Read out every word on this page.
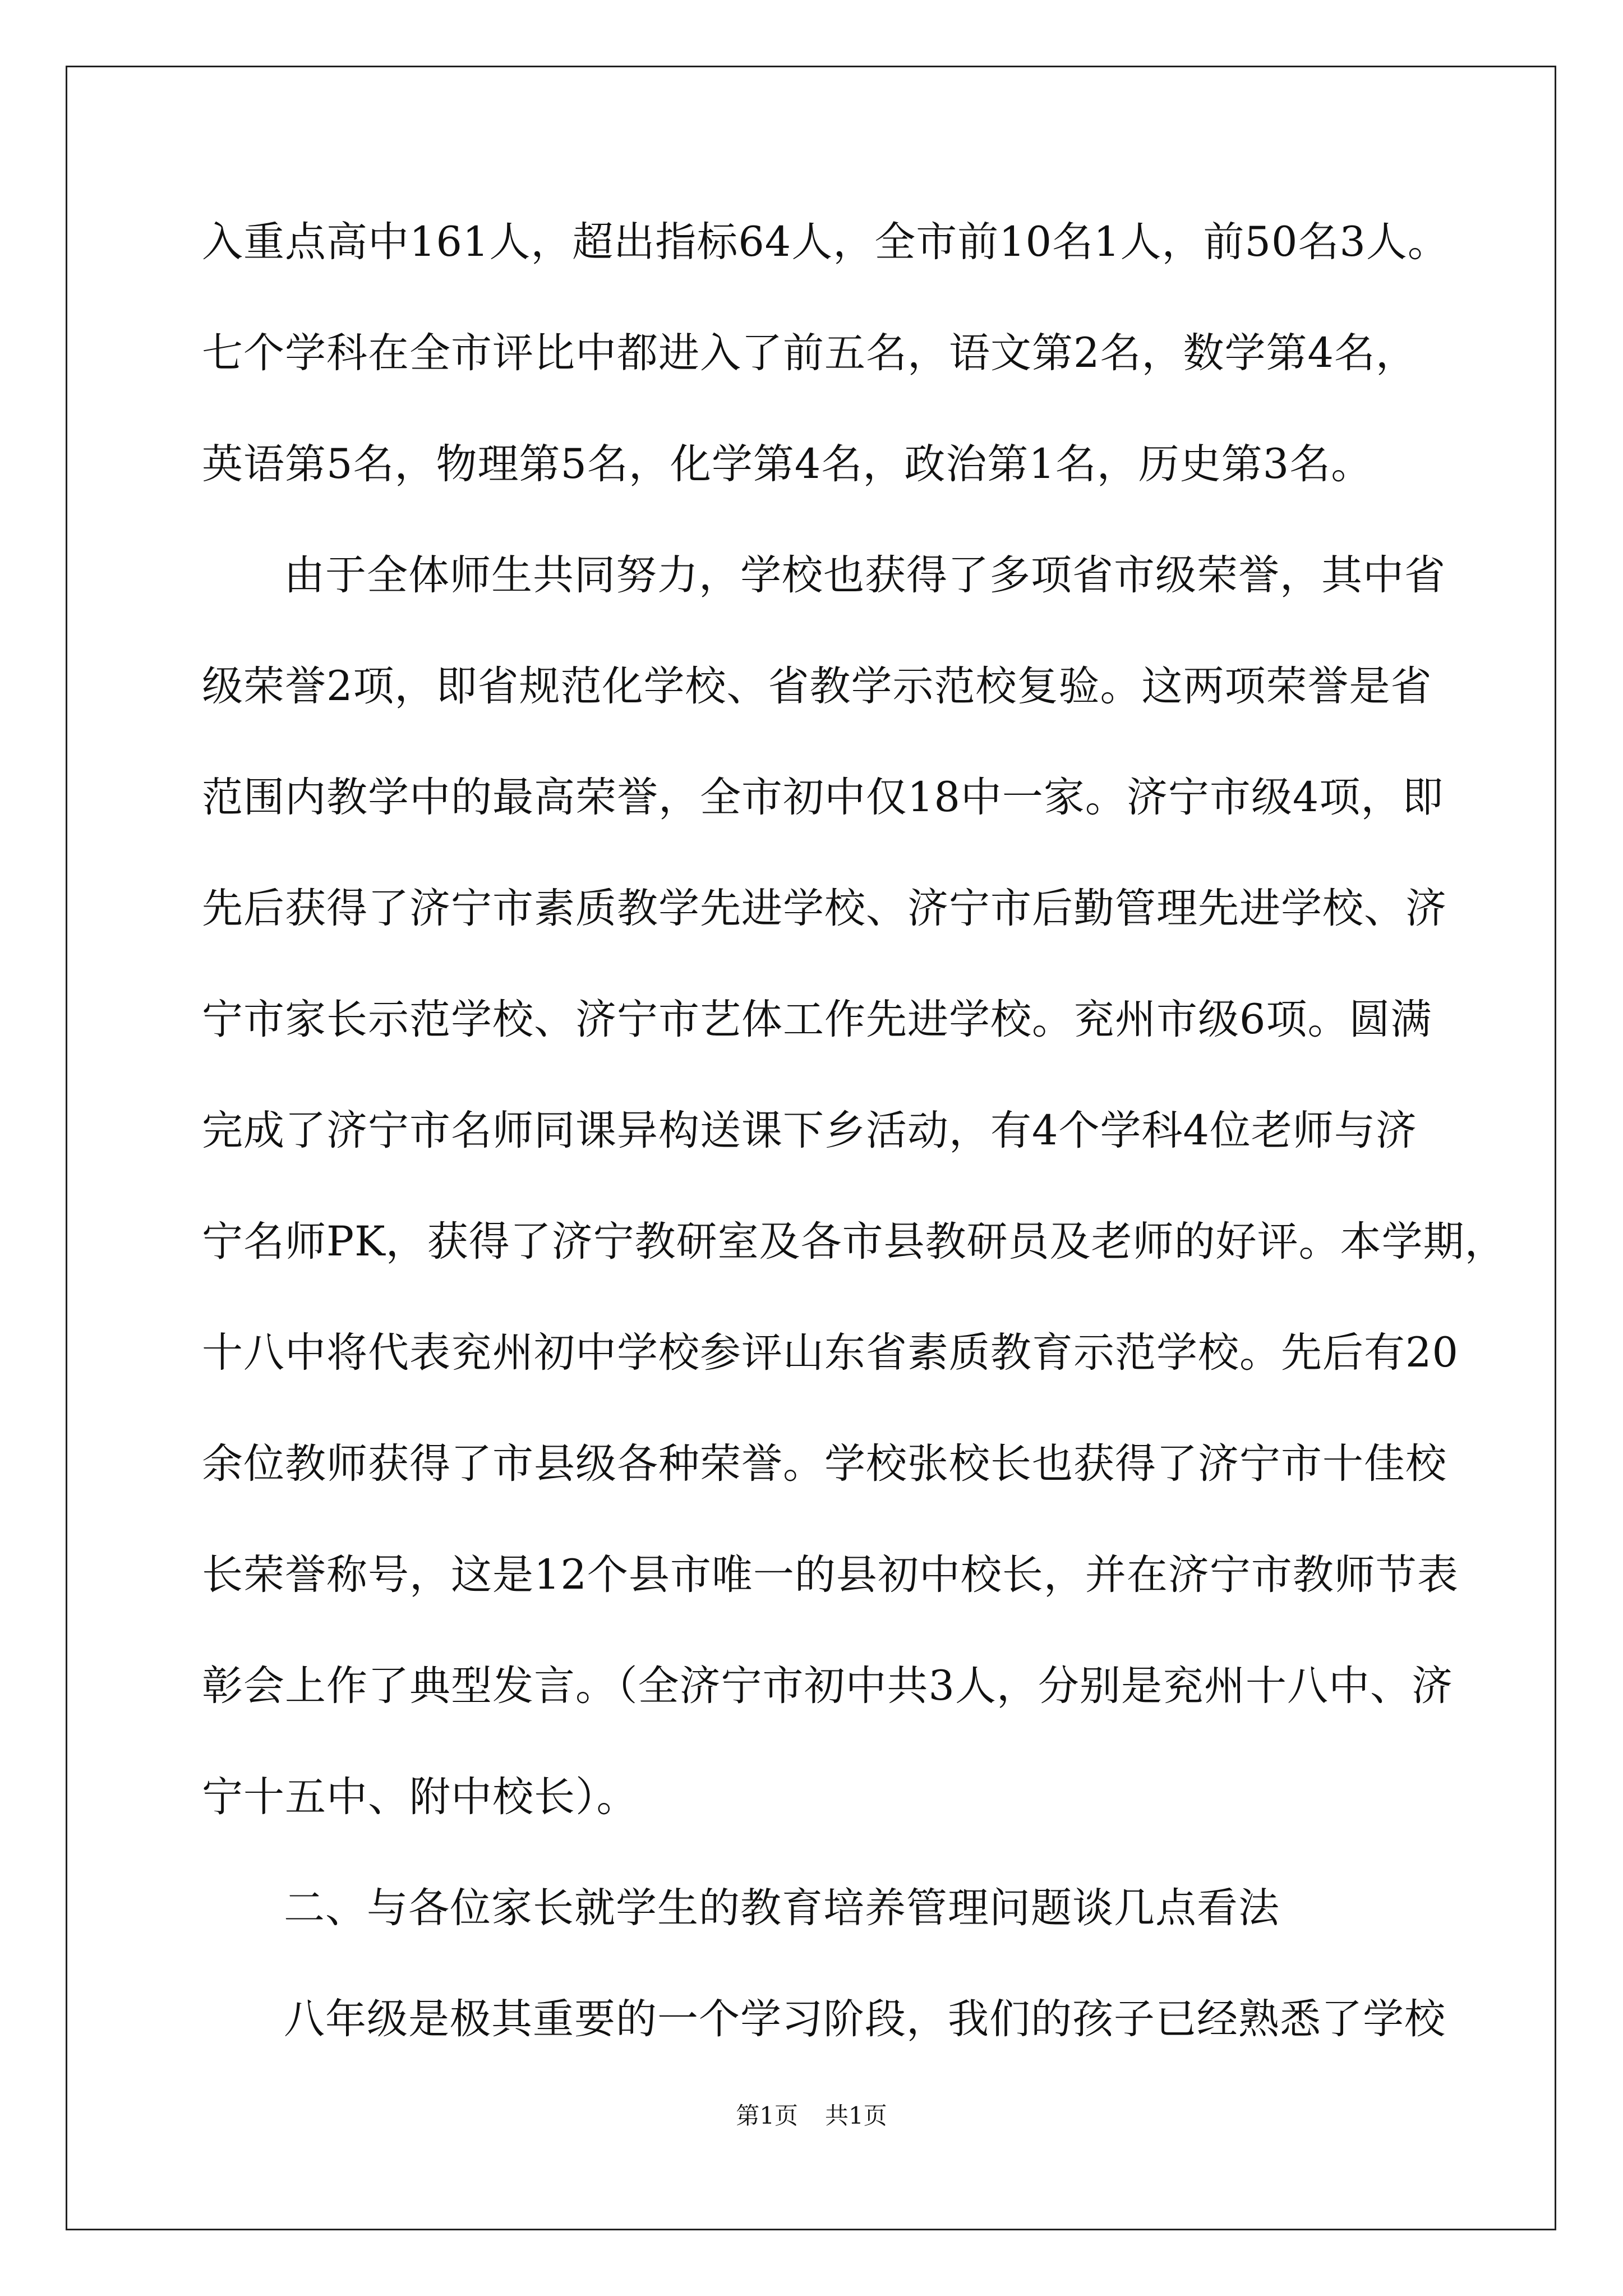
入重点高中161人，超出指标64人，全市前10名1人，前50名3人。
七个学科在全市评比中都进入了前五名，语文第2名，数学第4名，
英语第5名，物理第5名，化学第4名，政治第1名，历史第3名。
由于全体师生共同努力，学校也获得了多项省市级荣誉，其中省
级荣誉2项，即省规范化学校、省教学示范校复验。这两项荣誉是省
范围内教学中的最高荣誉，全市初中仅18中一家。济宁市级4项，即
先后获得了济宁市素质教学先进学校、济宁市后勤管理先进学校、济
宁市家长示范学校、济宁市艺体工作先进学校。兖州市级6项。圆满
完成了济宁市名师同课异构送课下乡活动，有4个学科4位老师与济
宁名师PK，获得了济宁教研室及各市县教研员及老师的好评。本学期，
十八中将代表兖州初中学校参评山东省素质教育示范学校。先后有20
余位教师获得了市县级各种荣誉。学校张校长也获得了济宁市十佳校
长荣誉称号，这是12个县市唯一的县初中校长，并在济宁市教师节表
彰会上作了典型发言。（全济宁市初中共3人，分别是兖州十八中、济
宁十五中、附中校长）。
二、与各位家长就学生的教育培养管理问题谈几点看法
八年级是极其重要的一个学习阶段，我们的孩子已经熟悉了学校
第1页 共1页
